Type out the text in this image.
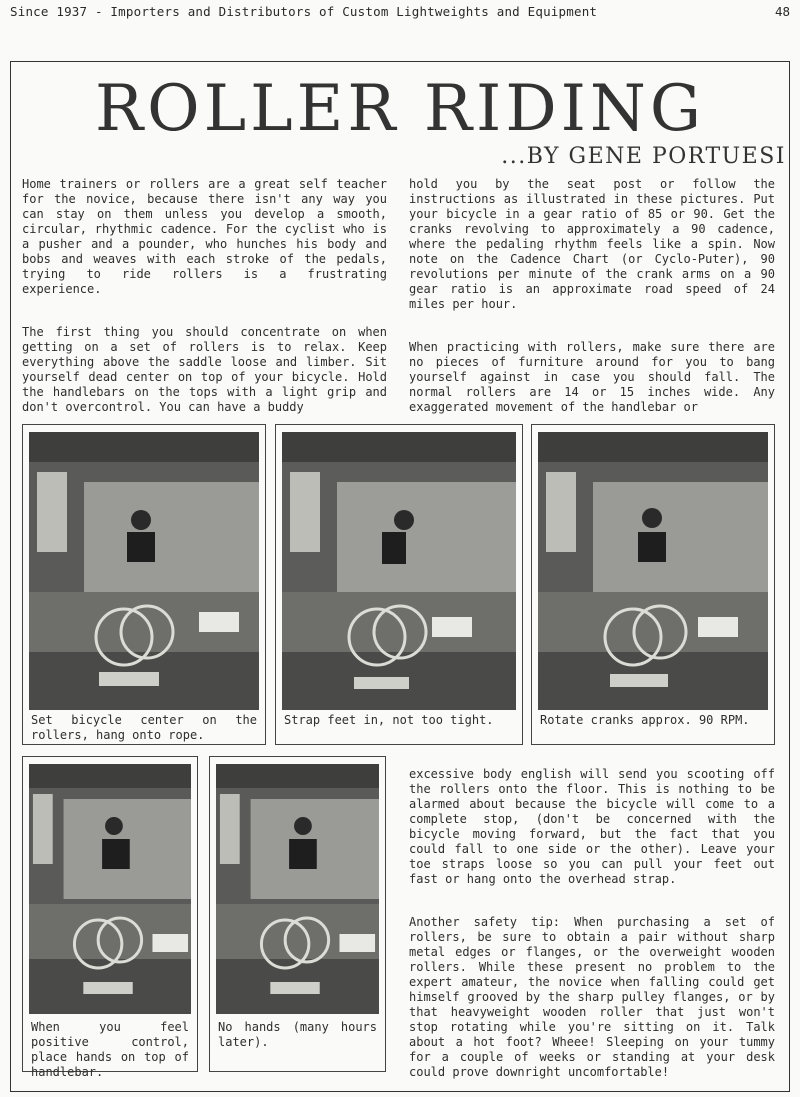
Since 1937 - Importers and Distributors of Custom Lightweights and Equipment	48
ROLLER RIDING
...BY GENE PORTUESI
Home trainers or rollers are a great self teacher for the novice, because there isn't any way you can stay on them unless you develop a smooth, circular, rhythmic cadence. For the cyclist who is a pusher and a pounder, who hunches his body and bobs and weaves with each stroke of the pedals, trying to ride rollers is a frustrating experience.
The first thing you should concentrate on when getting on a set of rollers is to relax. Keep everything above the saddle loose and limber. Sit yourself dead center on top of your bicycle. Hold the handlebars on the tops with a light grip and don't overcontrol. You can have a buddy
hold you by the seat post or follow the instructions as illustrated in these pictures. Put your bicycle in a gear ratio of 85 or 90. Get the cranks revolving to approximately a 90 cadence, where the pedaling rhythm feels like a spin. Now note on the Cadence Chart (or Cyclo-Puter), 90 revolutions per minute of the crank arms on a 90 gear ratio is an approximate road speed of 24 miles per hour.
When practicing with rollers, make sure there are no pieces of furniture around for you to bang yourself against in case you should fall. The normal rollers are 14 or 15 inches wide. Any exaggerated movement of the handlebar or
excessive body english will send you scooting off the rollers onto the floor. This is nothing to be alarmed about because the bicycle will come to a complete stop, (don't be concerned with the bicycle moving forward, but the fact that you could fall to one side or the other). Leave your toe straps loose so you can pull your feet out fast or hang onto the overhead strap.
Another safety tip: When purchasing a set of rollers, be sure to obtain a pair without sharp metal edges or flanges, or the overweight wooden rollers. While these present no problem to the expert amateur, the novice when falling could get himself grooved by the sharp pulley flanges, or by that heavyweight wooden roller that just won't stop rotating while you're sitting on it. Talk about a hot foot? Wheee! Sleeping on your tummy for a couple of weeks or standing at your desk could prove downright uncomfortable!
Set bicycle center on the rollers, hang onto rope.
Strap feet in, not too tight.	Rotate cranks approx. 90 RPM.
When you feel positive control, place hands on top of handlebar.
No hands (many hours later).
